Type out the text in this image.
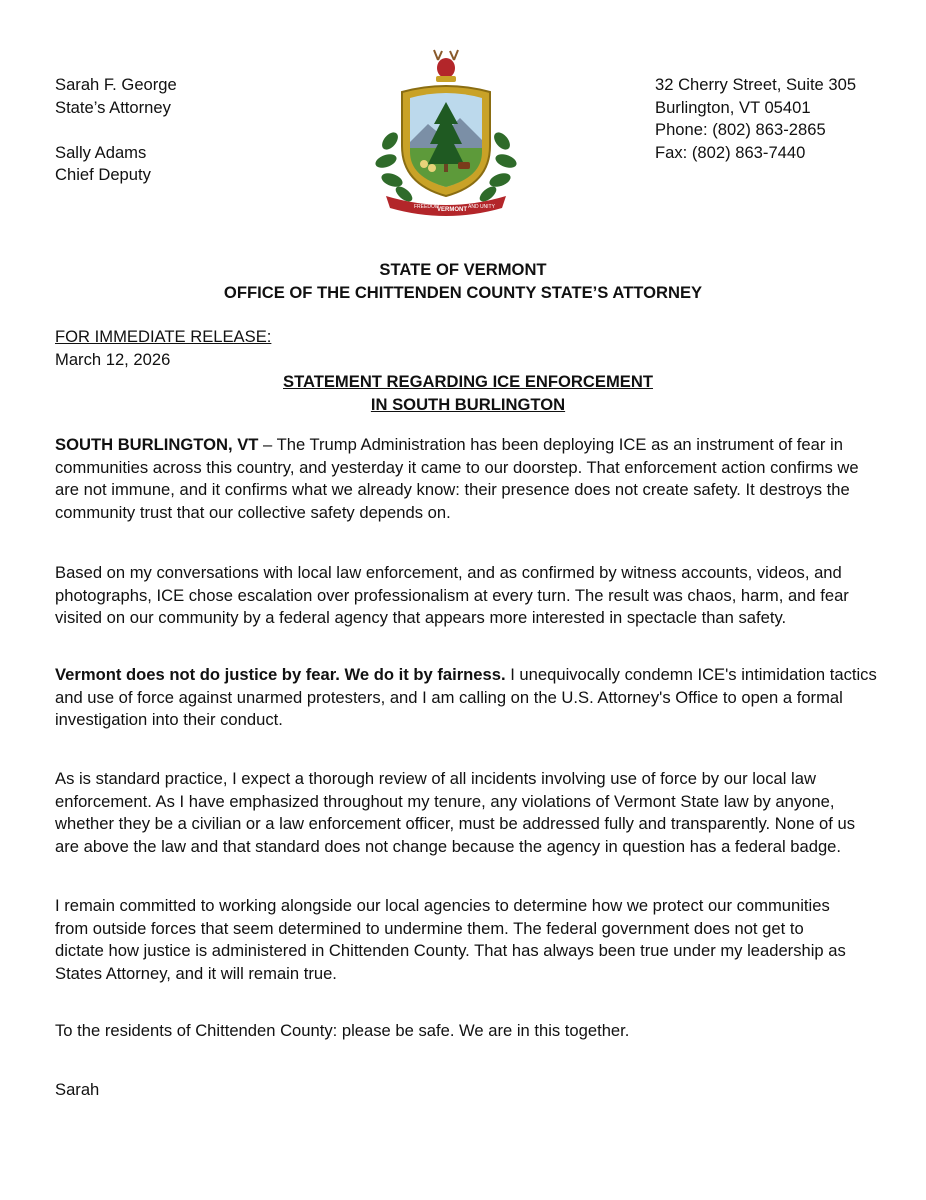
Sarah F. George
State’s Attorney
Sally Adams
Chief Deputy
FREEDOM
VERMONT AND UNITY
32 Cherry Street, Suite 305
Burlington, VT 05401
Phone: (802) 863-2865
Fax: (802) 863-7440
STATE OF VERMONT
OFFICE OF THE CHITTENDEN COUNTY STATE’S ATTORNEY
FOR IMMEDIATE RELEASE:
March 12, 2026
STATEMENT REGARDING ICE ENFORCEMENT
IN SOUTH BURLINGTON
SOUTH BURLINGTON, VT – The Trump Administration has been deploying ICE as an instrument of fear in
communities across this country, and yesterday it came to our doorstep. That enforcement action confirms we
are not immune, and it confirms what we already know: their presence does not create safety. It destroys the
community trust that our collective safety depends on.
Based on my conversations with local law enforcement, and as confirmed by witness accounts, videos, and
photographs, ICE chose escalation over professionalism at every turn. The result was chaos, harm, and fear
visited on our community by a federal agency that appears more interested in spectacle than safety.
Vermont does not do justice by fear. We do it by fairness. I unequivocally condemn ICE's intimidation tactics
and use of force against unarmed protesters, and I am calling on the U.S. Attorney's Office to open a formal
investigation into their conduct.
As is standard practice, I expect a thorough review of all incidents involving use of force by our local law
enforcement. As I have emphasized throughout my tenure, any violations of Vermont State law by anyone,
whether they be a civilian or a law enforcement officer, must be addressed fully and transparently. None of us
are above the law and that standard does not change because the agency in question has a federal badge.
I remain committed to working alongside our local agencies to determine how we protect our communities
from outside forces that seem determined to undermine them. The federal government does not get to
dictate how justice is administered in Chittenden County. That has always been true under my leadership as
States Attorney, and it will remain true.
To the residents of Chittenden County: please be safe. We are in this together.
Sarah
